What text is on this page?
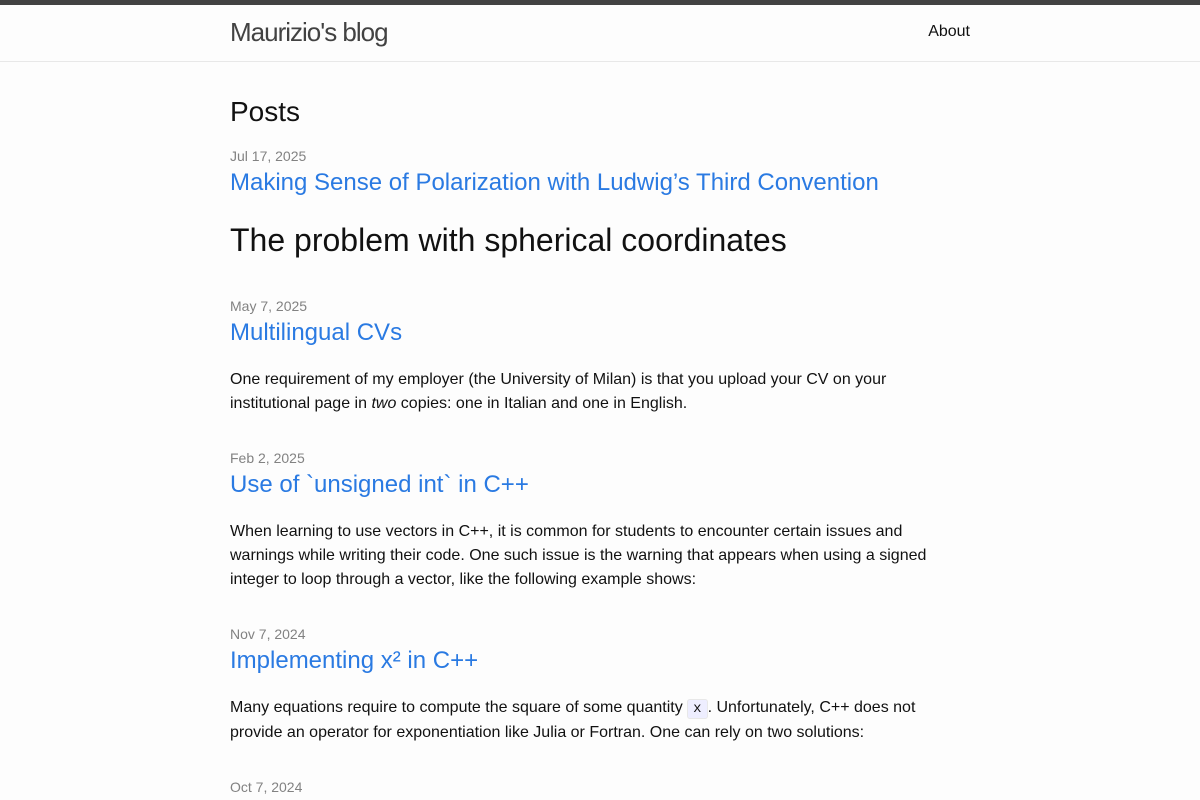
Maurizio's blog	About
Posts
Jul 17, 2025
Making Sense of Polarization with Ludwig’s Third Convention
The problem with spherical coordinates
May 7, 2025
Multilingual CVs
One requirement of my employer (the University of Milan) is that you upload your CV on your institutional page in two copies: one in Italian and one in English.
Feb 2, 2025
Use of `unsigned int` in C++
When learning to use vectors in C++, it is common for students to encounter certain issues and warnings while writing their code. One such issue is the warning that appears when using a signed integer to loop through a vector, like the following example shows:
Nov 7, 2024
Implementing x² in C++
Many equations require to compute the square of some quantity x . Unfortunately, C++ does not provide an operator for exponentiation like Julia or Fortran. One can rely on two solutions:
Oct 7, 2024
